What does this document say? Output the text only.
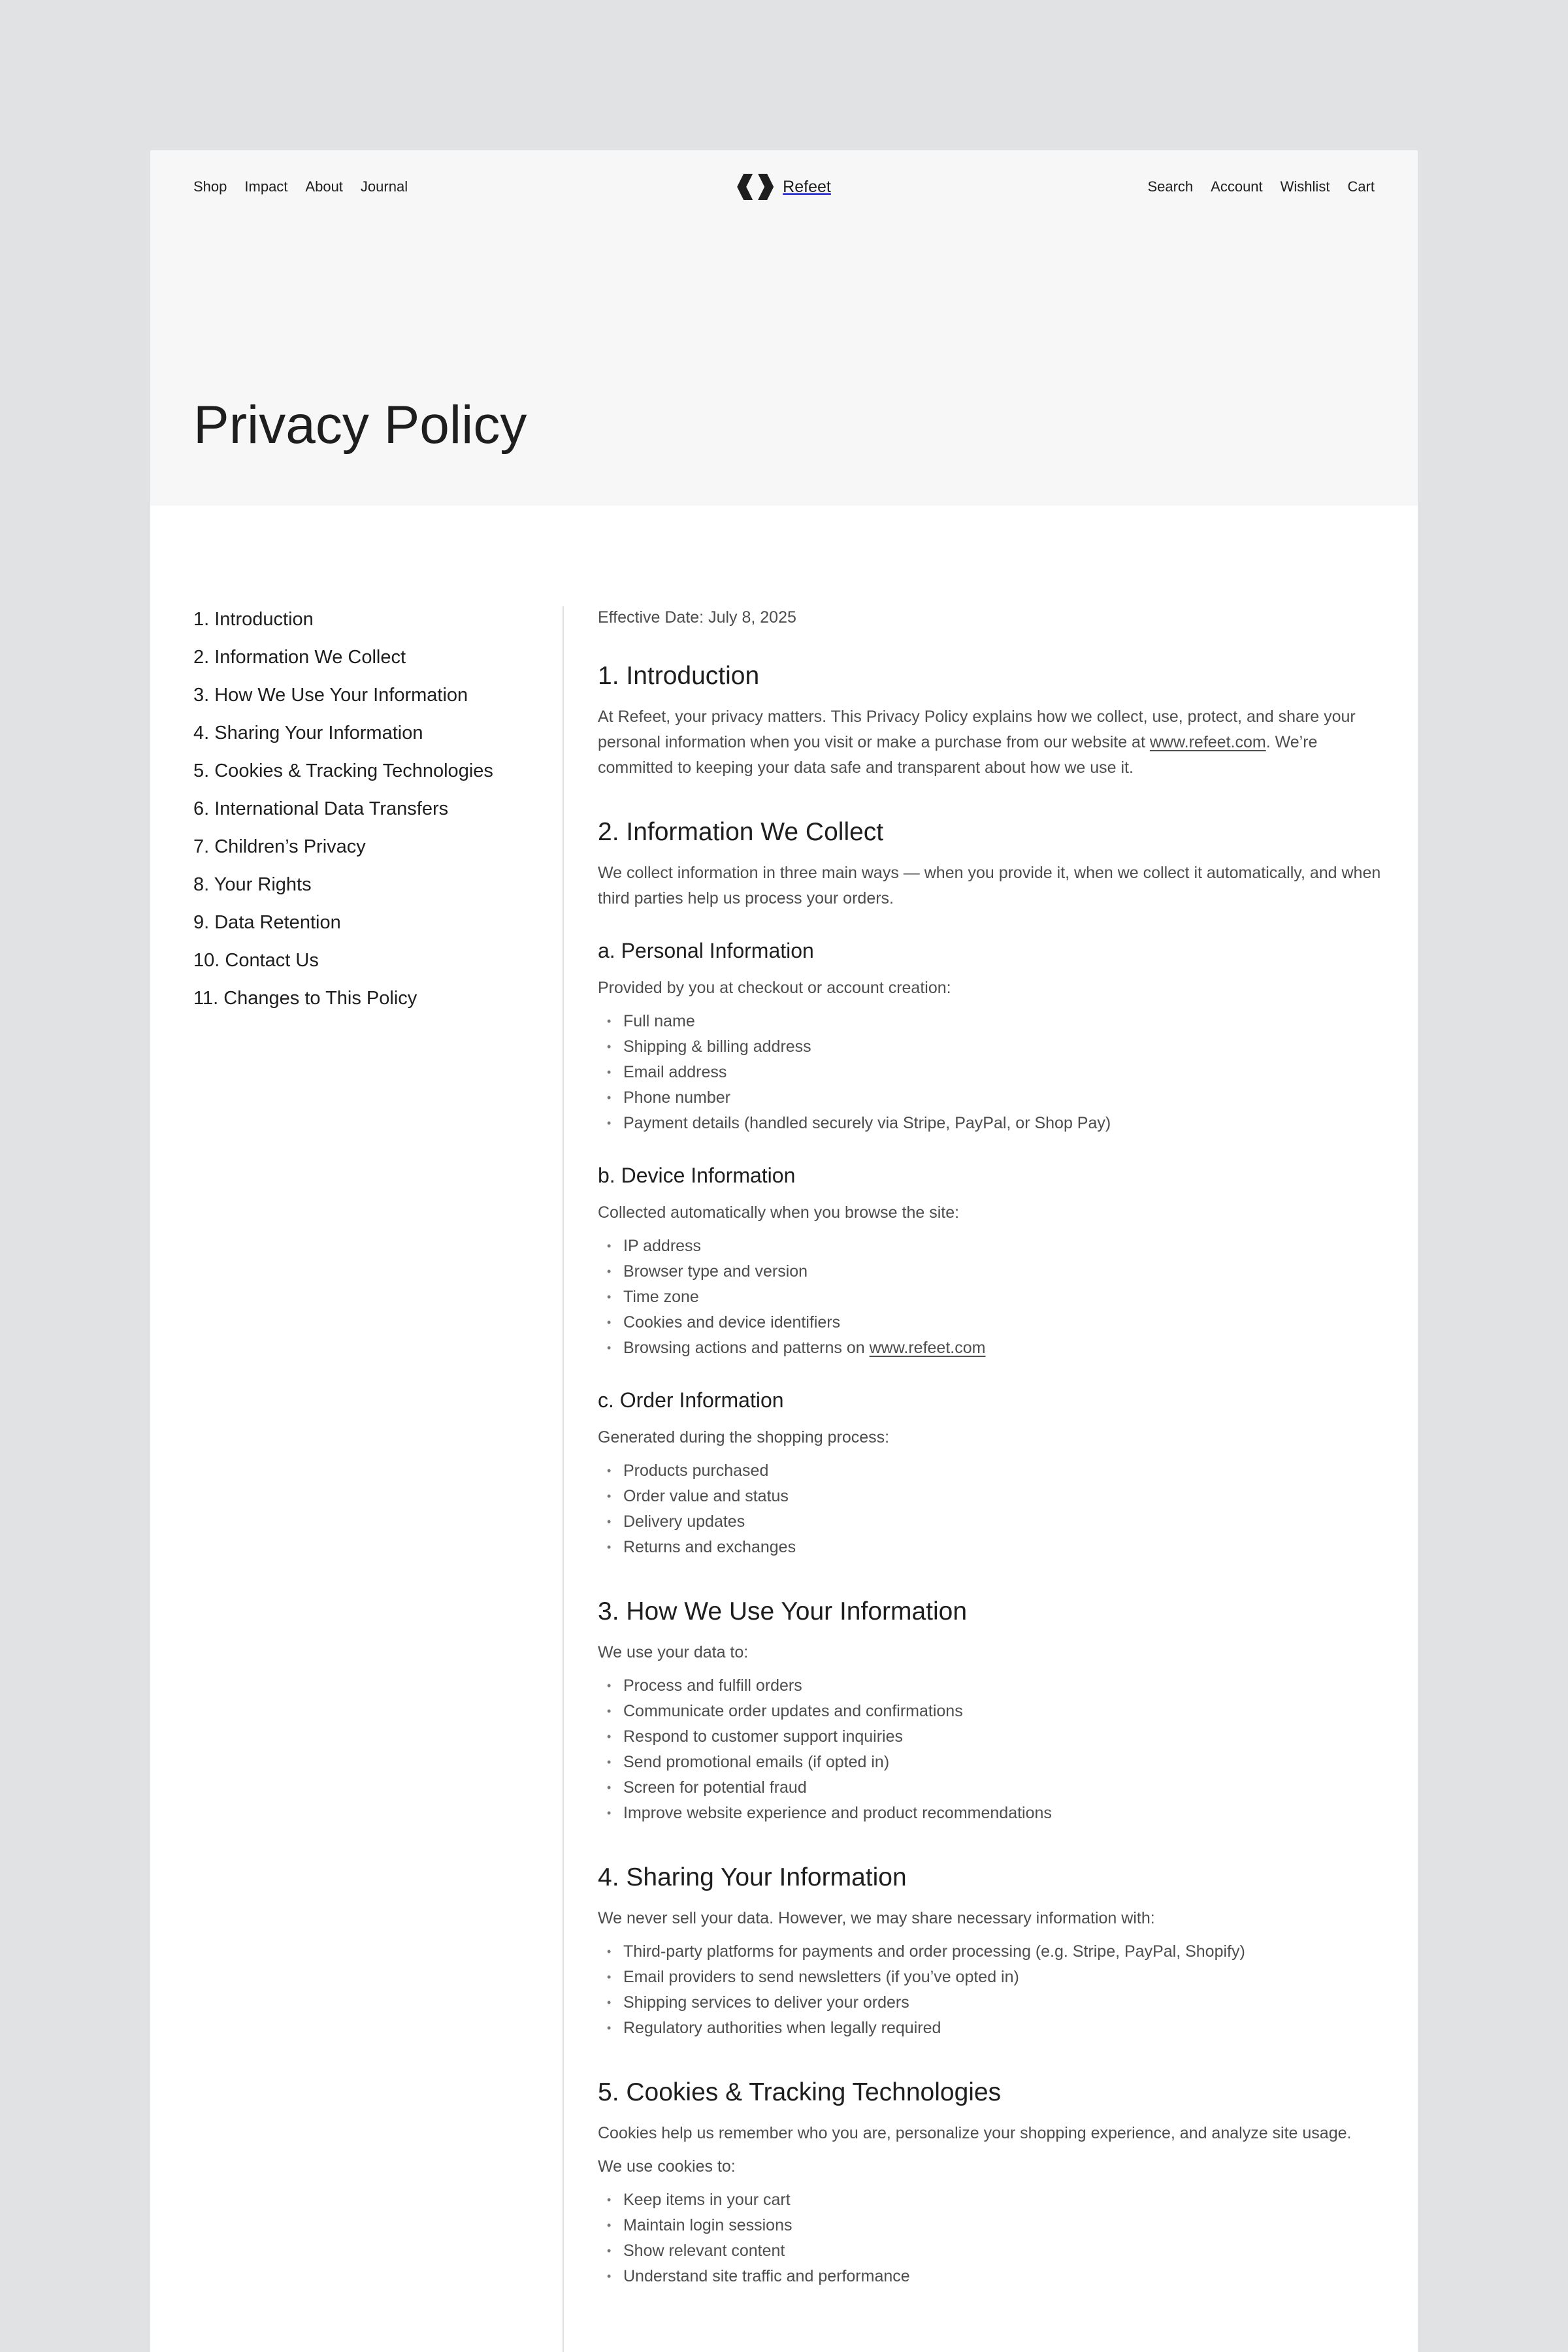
Shop Impact About Journal	Refeet	Search Account Wishlist Cart
Privacy Policy
1. Introduction
2. Information We Collect
3. How We Use Your Information
4. Sharing Your Information
5. Cookies & Tracking Technologies
6. International Data Transfers
7. Children’s Privacy
8. Your Rights
9. Data Retention
10. Contact Us
11. Changes to This Policy

Effective Date: July 8, 2025

1. Introduction

At Refeet, your privacy matters. This Privacy Policy explains how we collect, use, protect, and share your personal information when you visit or make a purchase from our website at www.refeet.com. We’re committed to keeping your data safe and transparent about how we use it.

2. Information We Collect

We collect information in three main ways — when you provide it, when we collect it automatically, and when third parties help us process your orders.

a. Personal Information

Provided by you at checkout or account creation:

• Full name
• Shipping & billing address
• Email address
• Phone number
• Payment details (handled securely via Stripe, PayPal, or Shop Pay)
b. Device Information

Collected automatically when you browse the site:

• IP address
• Browser type and version
• Time zone
• Cookies and device identifiers
• Browsing actions and patterns on www.refeet.com
c. Order Information

Generated during the shopping process:

• Products purchased
• Order value and status
• Delivery updates
• Returns and exchanges
3. How We Use Your Information

We use your data to:

• Process and fulfill orders
• Communicate order updates and confirmations
• Respond to customer support inquiries
• Send promotional emails (if opted in)
• Screen for potential fraud
• Improve website experience and product recommendations
4. Sharing Your Information

We never sell your data. However, we may share necessary information with:

• Third-party platforms for payments and order processing (e.g. Stripe, PayPal, Shopify)
• Email providers to send newsletters (if you’ve opted in)
• Shipping services to deliver your orders
• Regulatory authorities when legally required
5. Cookies & Tracking Technologies

Cookies help us remember who you are, personalize your shopping experience, and analyze site usage.

We use cookies to:

• Keep items in your cart
• Maintain login sessions
• Show relevant content
• Understand site traffic and performance
